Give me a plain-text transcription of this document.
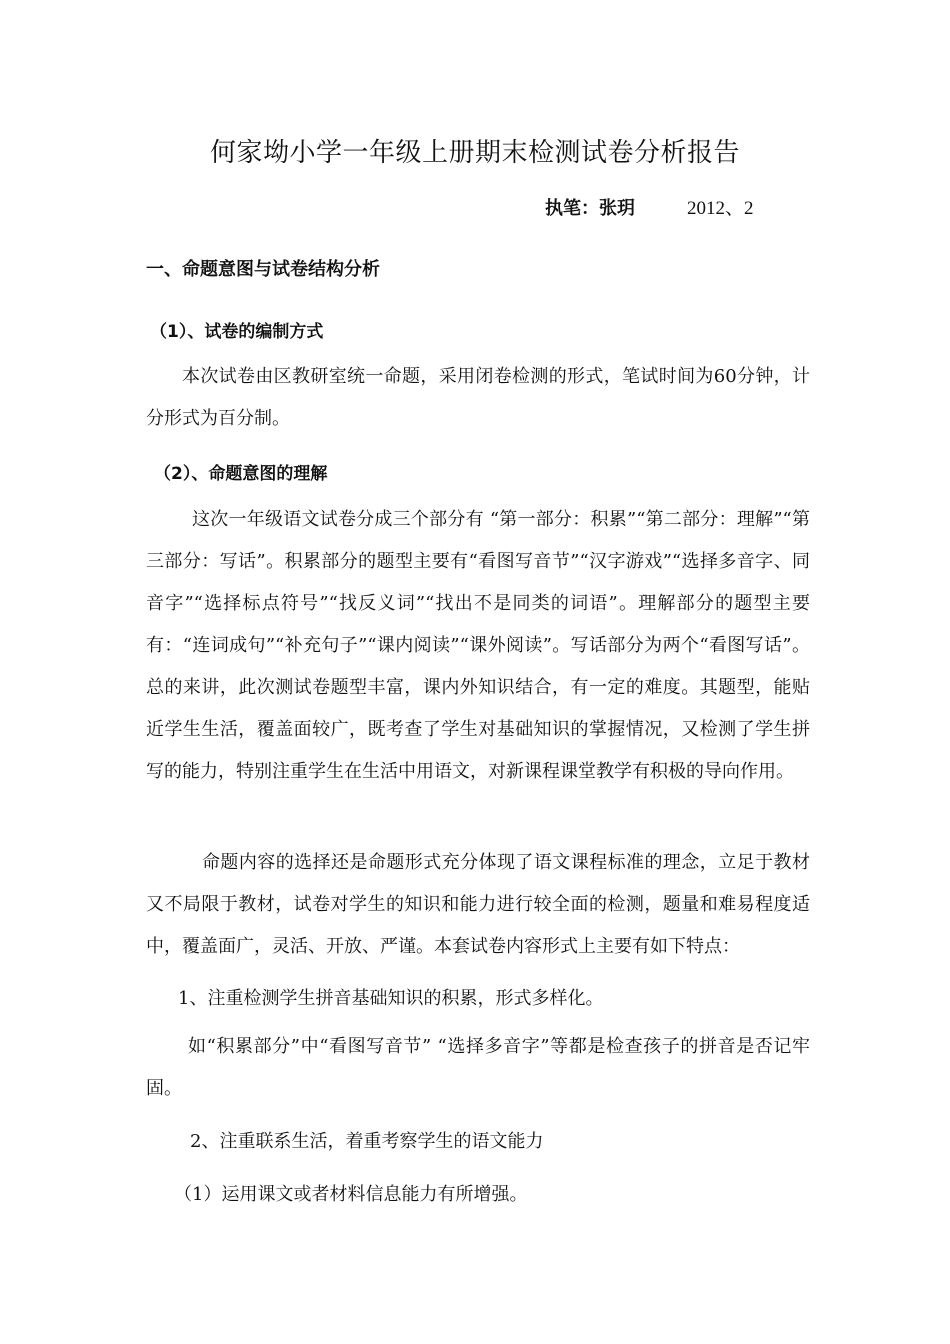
何家坳小学一年级上册期末检测试卷分析报告
执笔：张玥	2012、2
一、命题意图与试卷结构分析
（1）、试卷的编制方式

本次试卷由区教研室统一命题，采用闭卷检测的形式，笔试时间为60分钟，计分形式为百分制。

（2）、命题意图的理解

这次一年级语文试卷分成三个部分有 “第一部分：积累”“第二部分：理解”“第三部分：写话”。积累部分的题型主要有“看图写音节”“汉字游戏”“选择多音字、同音字”“选择标点符号”“找反义词”“找出不是同类的词语”。理解部分的题型主要有：“连词成句”“补充句子”“课内阅读”“课外阅读”。写话部分为两个“看图写话”。总的来讲，此次测试卷题型丰富，课内外知识结合，有一定的难度。其题型，能贴近学生生活，覆盖面较广，既考查了学生对基础知识的掌握情况，又检测了学生拼写的能力，特别注重学生在生活中用语文，对新课程课堂教学有积极的导向作用。

命题内容的选择还是命题形式充分体现了语文课程标准的理念，立足于教材又不局限于教材，试卷对学生的知识和能力进行较全面的检测，题量和难易程度适中，覆盖面广，灵活、开放、严谨。本套试卷内容形式上主要有如下特点：

1、注重检测学生拼音基础知识的积累，形式多样化。

如“积累部分”中“看图写音节” “选择多音字”等都是检查孩子的拼音是否记牢固。

2、注重联系生活，着重考察学生的语文能力
（1）运用课文或者材料信息能力有所增强。
